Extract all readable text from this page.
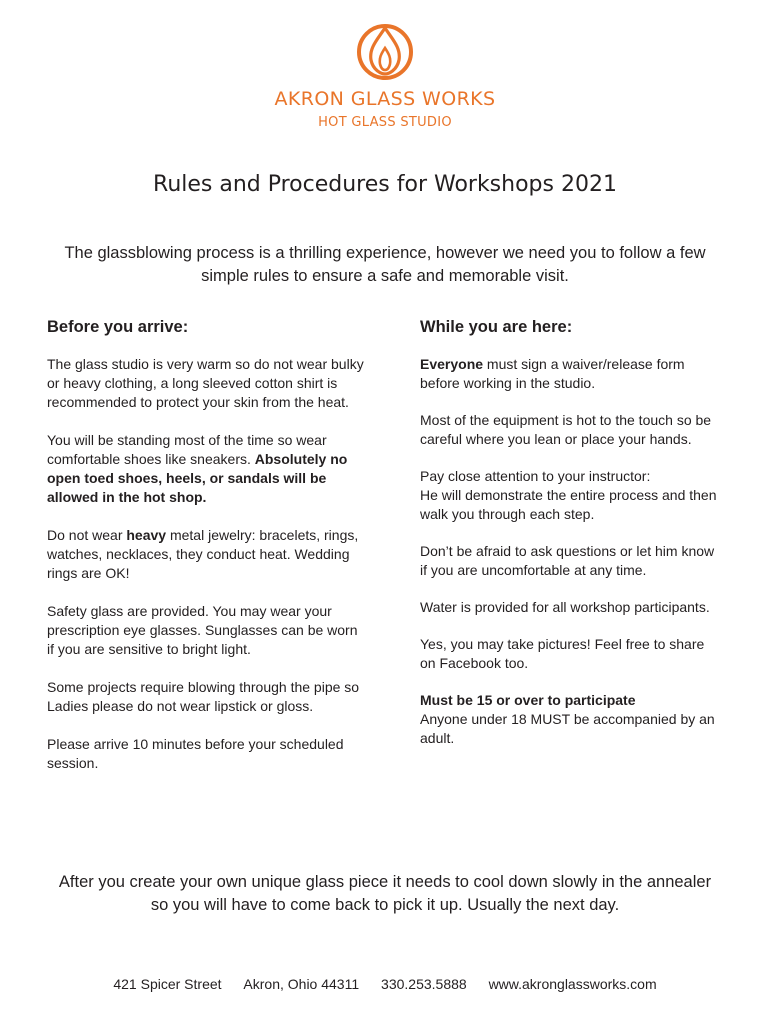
AKRON GLASS WORKS
HOT GLASS STUDIO
Rules and Procedures for Workshops 2021
The glassblowing process is a thrilling experience, however we need you to follow a few simple rules to ensure a safe and memorable visit.
Before you arrive:

The glass studio is very warm so do not wear bulky or heavy clothing, a long sleeved cotton shirt is recommended to protect your skin from the heat.

You will be standing most of the time so wear comfortable shoes like sneakers. Absolutely no open toed shoes, heels, or sandals will be allowed in the hot shop.

Do not wear heavy metal jewelry: bracelets, rings, watches, necklaces, they conduct heat. Wedding rings are OK!

Safety glass are provided. You may wear your prescription eye glasses. Sunglasses can be worn if you are sensitive to bright light.

Some projects require blowing through the pipe so Ladies please do not wear lipstick or gloss.

Please arrive 10 minutes before your scheduled session.

While you are here:

Everyone must sign a waiver/release form before working in the studio.

Most of the equipment is hot to the touch so be careful where you lean or place your hands.

Pay close attention to your instructor:
He will demonstrate the entire process and then walk you through each step.

Don’t be afraid to ask questions or let him know if you are uncomfortable at any time.

Water is provided for all workshop participants.

Yes, you may take pictures! Feel free to share on Facebook too.

Must be 15 or over to participate
Anyone under 18 MUST be accompanied by an adult.

After you create your own unique glass piece it needs to cool down slowly in the annealer so you will have to come back to pick it up. Usually the next day.
421 Spicer Street Akron, Ohio 44311 330.253.5888 www.akronglassworks.com
